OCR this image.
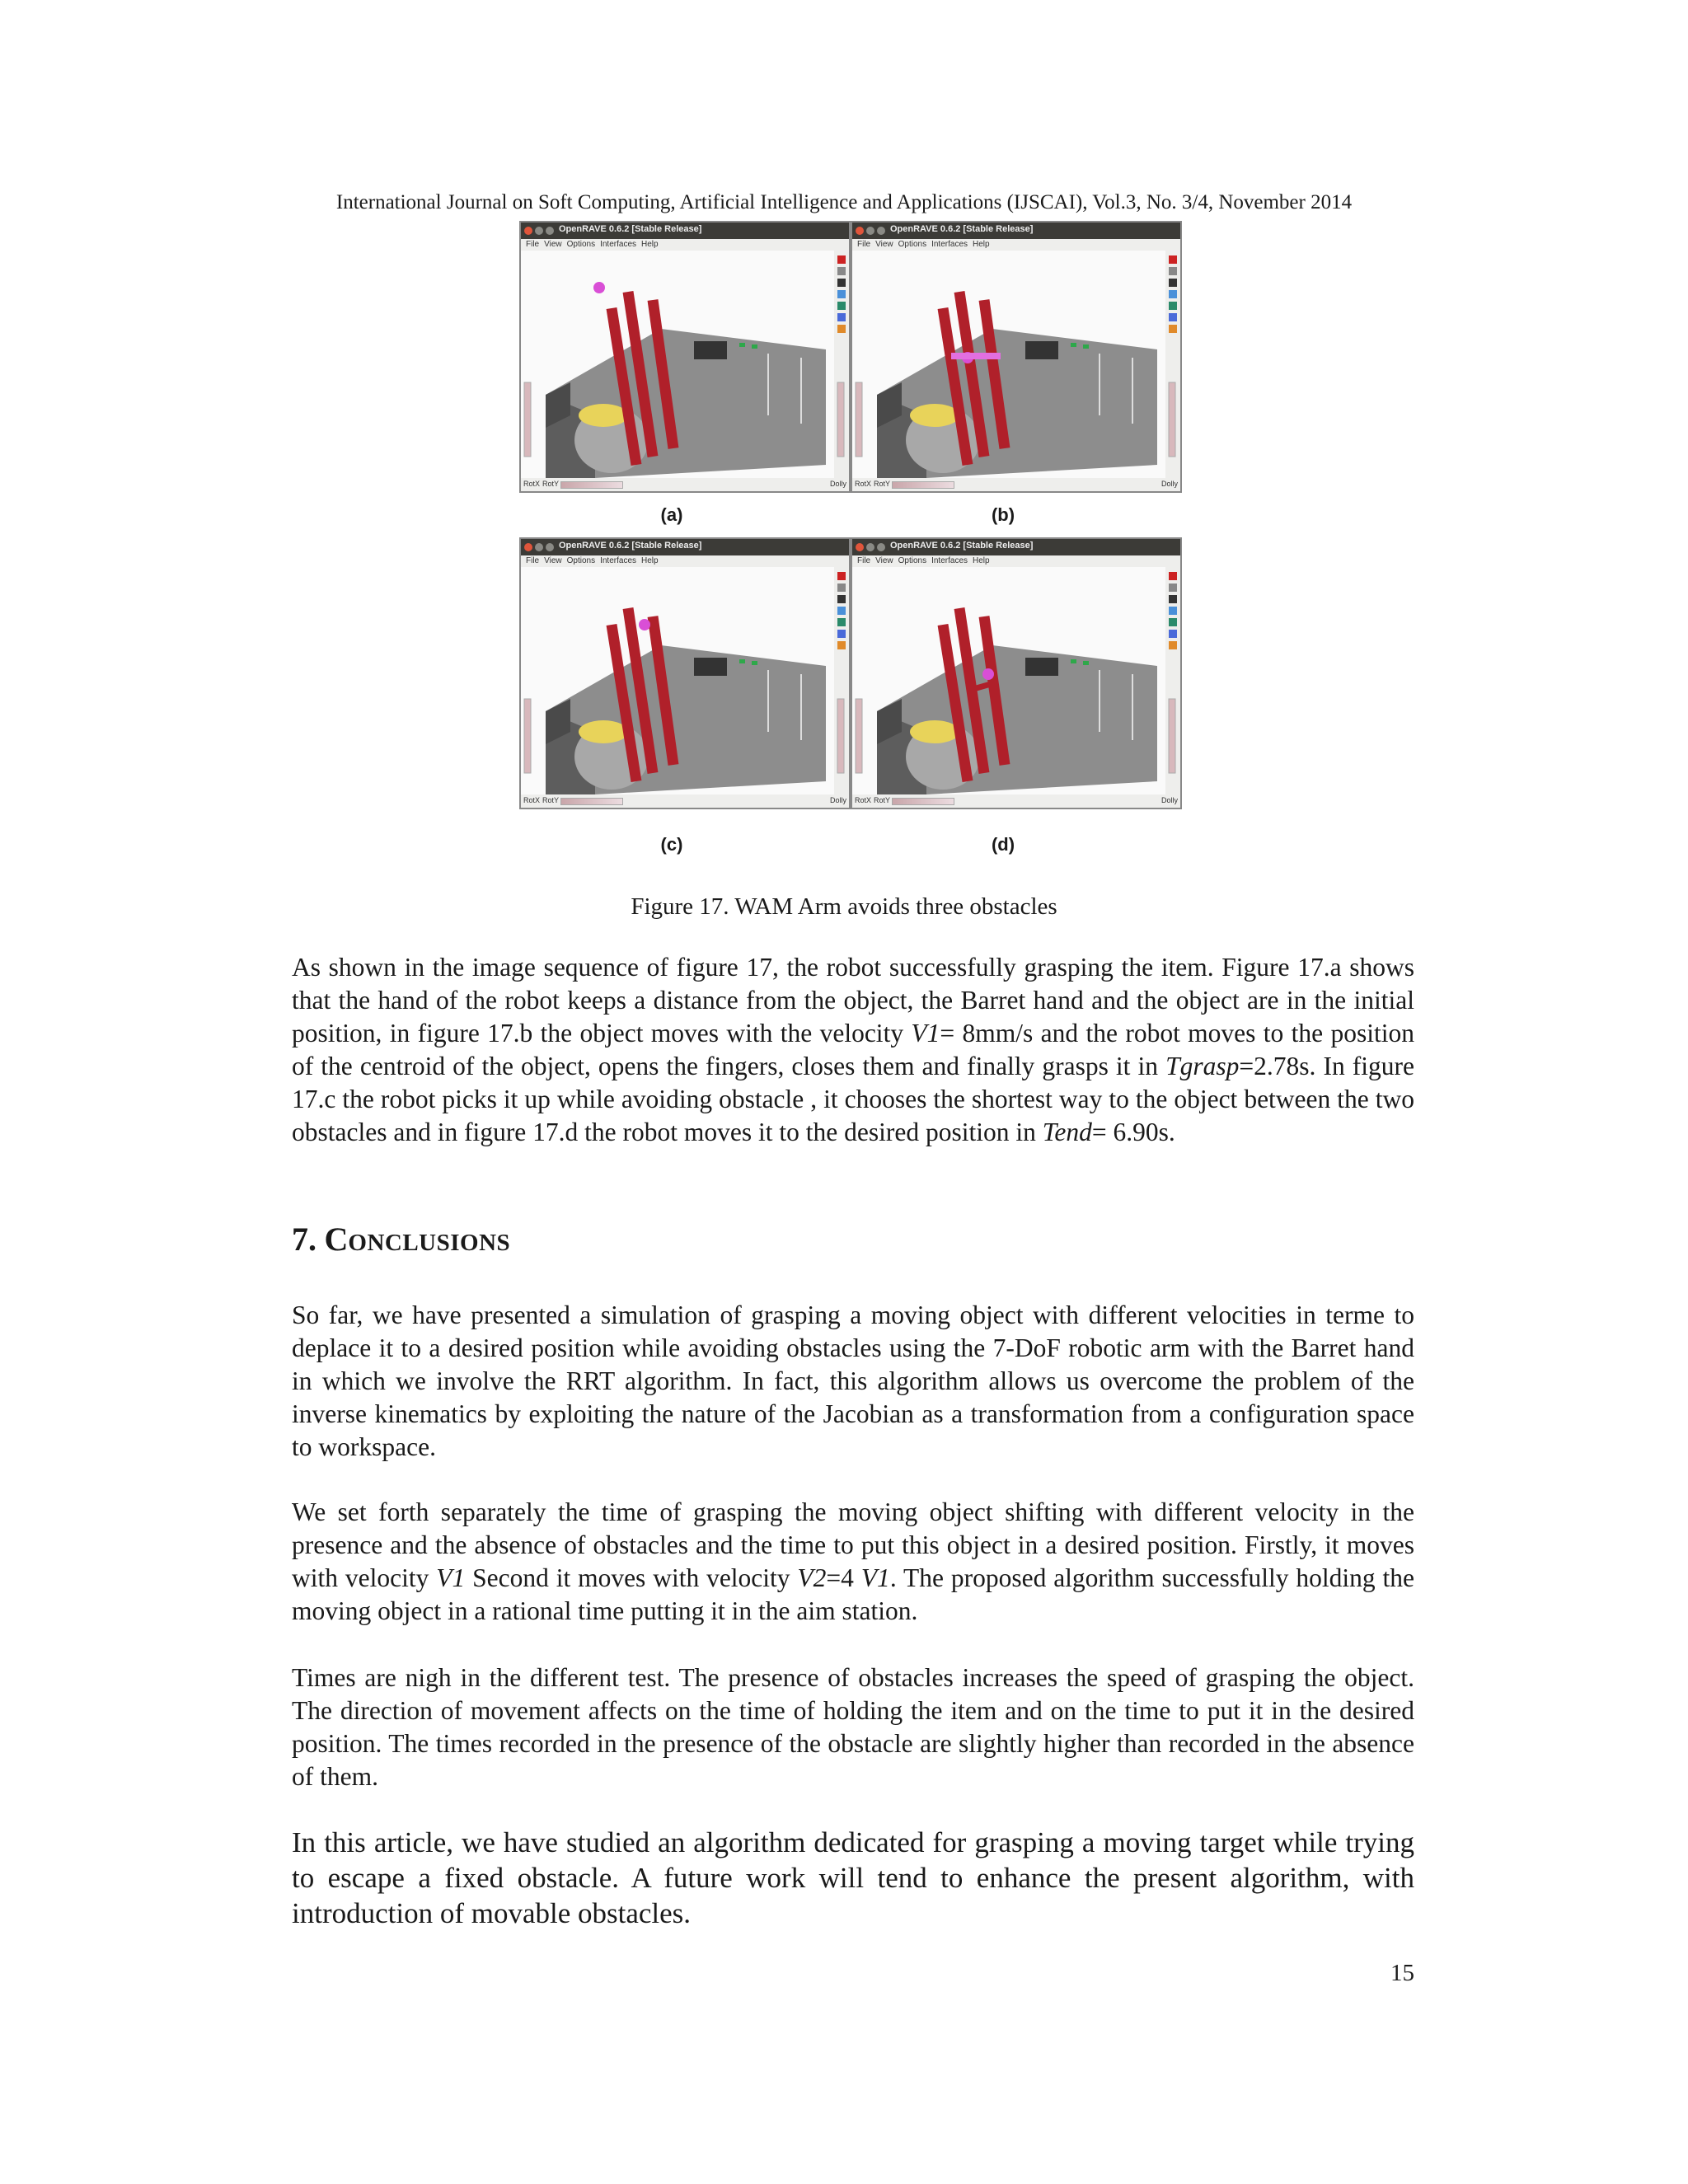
International Journal on Soft Computing, Artificial Intelligence and Applications (IJSCAI), Vol.3, No. 3/4, November 2014
OpenRAVE 0.6.2 [Stable Release]
File View Options Interfaces Help
RotX RotY	Dolly
(a)
OpenRAVE 0.6.2 [Stable Release]
File View Options Interfaces Help
RotX RotY	Dolly
(b)
OpenRAVE 0.6.2 [Stable Release]
File View Options Interfaces Help
RotX RotY	Dolly
(c)
OpenRAVE 0.6.2 [Stable Release]
File View Options Interfaces Help
RotX RotY	Dolly
(d)
Figure 17. WAM Arm avoids three obstacles
As shown in the image sequence of figure 17, the robot successfully grasping the item. Figure 17.a shows that the hand of the robot keeps a distance from the object, the Barret hand and the object are in the initial position, in figure 17.b the object moves with the velocity V1= 8mm/s and the robot moves to the position of the centroid of the object, opens the fingers, closes them and finally grasps it in Tgrasp=2.78s. In figure 17.c the robot picks it up while avoiding obstacle , it chooses the shortest way to the object between the two obstacles and in figure 17.d the robot moves it to the desired position in Tend= 6.90s.
7. CONCLUSIONS
So far, we have presented a simulation of grasping a moving object with different velocities in terme to deplace it to a desired position while avoiding obstacles using the 7-DoF robotic arm with the Barret hand in which we involve the RRT algorithm. In fact, this algorithm allows us overcome the problem of the inverse kinematics by exploiting the nature of the Jacobian as a transformation from a configuration space to workspace.
We set forth separately the time of grasping the moving object shifting with different velocity in the presence and the absence of obstacles and the time to put this object in a desired position. Firstly, it moves with velocity V1 Second it moves with velocity V2=4 V1. The proposed algorithm successfully holding the moving object in a rational time putting it in the aim station.
Times are nigh in the different test. The presence of obstacles increases the speed of grasping the object. The direction of movement affects on the time of holding the item and on the time to put it in the desired position. The times recorded in the presence of the obstacle are slightly higher than recorded in the absence of them.
In this article, we have studied an algorithm dedicated for grasping a moving target while trying to escape a fixed obstacle. A future work will tend to enhance the present algorithm, with introduction of movable obstacles.
15
